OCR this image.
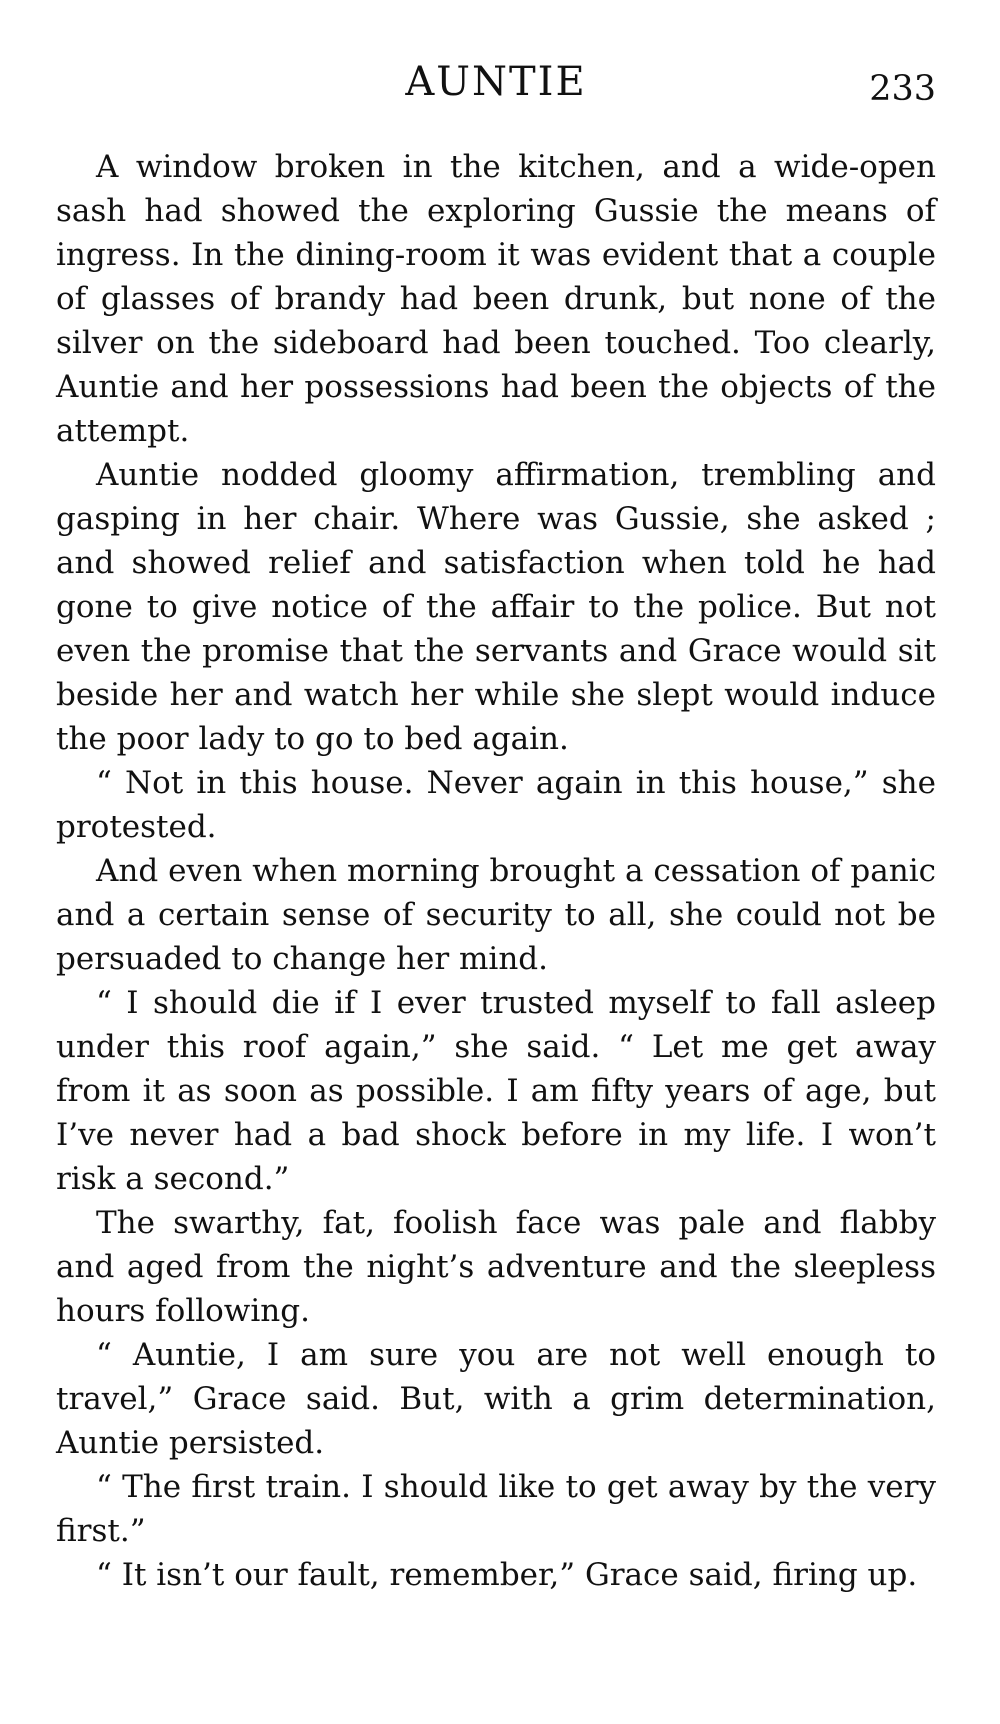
AUNTIE	233

A window broken in the kitchen, and a wide-open sash had showed the exploring Gussie the means of ingress. In the dining-room it was evident that a couple of glasses of brandy had been drunk, but none of the silver on the sideboard had been touched. Too clearly, Auntie and her possessions had been the objects of the attempt.

Auntie nodded gloomy affirmation, trembling and gasping in her chair. Where was Gussie, she asked ; and showed relief and satisfaction when told he had gone to give notice of the affair to the police. But not even the promise that the servants and Grace would sit beside her and watch her while she slept would induce the poor lady to go to bed again.

“ Not in this house. Never again in this house,” she protested.

And even when morning brought a cessation of panic and a certain sense of security to all, she could not be persuaded to change her mind.

“ I should die if I ever trusted myself to fall asleep under this roof again,” she said. “ Let me get away from it as soon as possible. I am fifty years of age, but I’ve never had a bad shock before in my life. I won’t risk a second.”

The swarthy, fat, foolish face was pale and flabby and aged from the night’s adventure and the sleepless hours following.

“ Auntie, I am sure you are not well enough to travel,” Grace said. But, with a grim determination, Auntie persisted.

“ The first train. I should like to get away by the very first.”

“ It isn’t our fault, remember,” Grace said, firing up.
